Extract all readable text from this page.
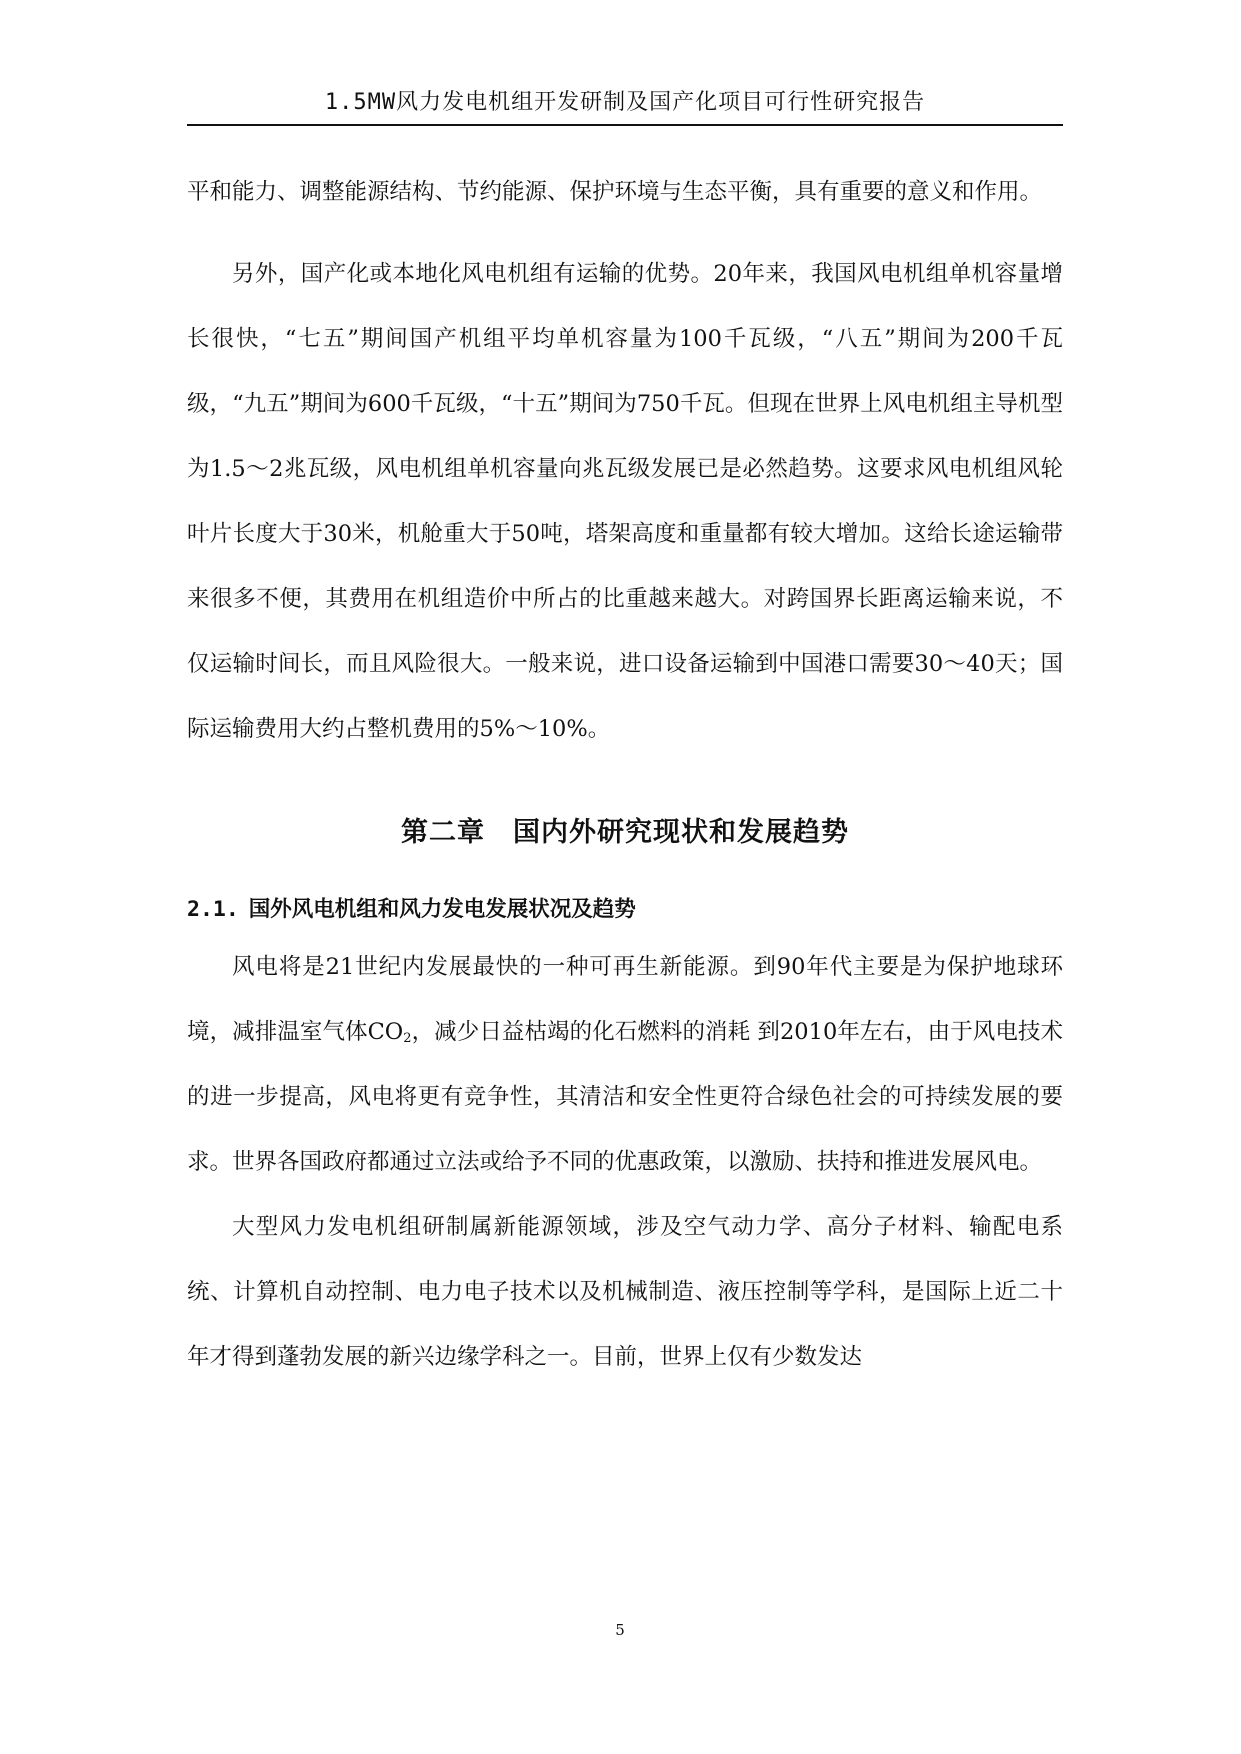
1.5MW风力发电机组开发研制及国产化项目可行性研究报告

平和能力、调整能源结构、节约能源、保护环境与生态平衡，具有重要的意义和作用。

另外，国产化或本地化风电机组有运输的优势。20年来，我国风电机组单机容量增长很快，“七五”期间国产机组平均单机容量为100千瓦级，“八五”期间为200千瓦级，“九五”期间为600千瓦级，“十五”期间为750千瓦。但现在世界上风电机组主导机型为1.5～2兆瓦级，风电机组单机容量向兆瓦级发展已是必然趋势。这要求风电机组风轮叶片长度大于30米，机舱重大于50吨，塔架高度和重量都有较大增加。这给长途运输带来很多不便，其费用在机组造价中所占的比重越来越大。对跨国界长距离运输来说，不仅运输时间长，而且风险很大。一般来说，进口设备运输到中国港口需要30～40天；国际运输费用大约占整机费用的5%～10%。

第二章 国内外研究现状和发展趋势
2.1. 国外风电机组和风力发电发展状况及趋势

风电将是21世纪内发展最快的一种可再生新能源。到90年代主要是为保护地球环境，减排温室气体$CO_2$，减少日益枯竭的化石燃料的消耗 到2010年左右，由于风电技术的进一步提高，风电将更有竞争性，其清洁和安全性更符合绿色社会的可持续发展的要求。世界各国政府都通过立法或给予不同的优惠政策，以激励、扶持和推进发展风电。

大型风力发电机组研制属新能源领域，涉及空气动力学、高分子材料、输配电系统、计算机自动控制、电力电子技术以及机械制造、液压控制等学科，是国际上近二十年才得到蓬勃发展的新兴边缘学科之一。目前，世界上仅有少数发达

5
